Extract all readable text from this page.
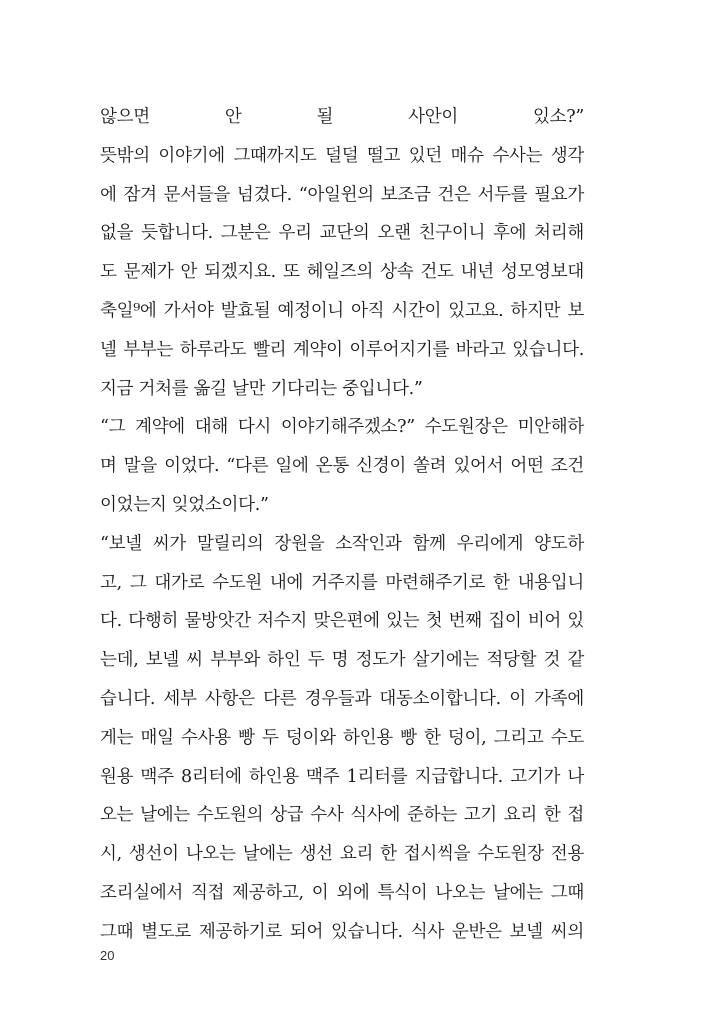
않으면 안 될 사안이 있소?”
뜻밖의 이야기에 그때까지도 덜덜 떨고 있던 매슈 수사는 생각
에 잠겨 문서들을 넘겼다. “아일윈의 보조금 건은 서두를 필요가
없을 듯합니다. 그분은 우리 교단의 오랜 친구이니 후에 처리해
도 문제가 안 되겠지요. 또 헤일즈의 상속 건도 내년 성모영보대
축일⁹에 가서야 발효될 예정이니 아직 시간이 있고요. 하지만 보
넬 부부는 하루라도 빨리 계약이 이루어지기를 바라고 있습니다.
지금 거처를 옮길 날만 기다리는 중입니다.”
“그 계약에 대해 다시 이야기해주겠소?” 수도원장은 미안해하
며 말을 이었다. “다른 일에 온통 신경이 쏠려 있어서 어떤 조건
이었는지 잊었소이다.”
“보넬 씨가 말릴리의 장원을 소작인과 함께 우리에게 양도하
고, 그 대가로 수도원 내에 거주지를 마련해주기로 한 내용입니
다. 다행히 물방앗간 저수지 맞은편에 있는 첫 번째 집이 비어 있
는데, 보넬 씨 부부와 하인 두 명 정도가 살기에는 적당할 것 같
습니다. 세부 사항은 다른 경우들과 대동소이합니다. 이 가족에
게는 매일 수사용 빵 두 덩이와 하인용 빵 한 덩이, 그리고 수도
원용 맥주 8리터에 하인용 맥주 1리터를 지급합니다. 고기가 나
오는 날에는 수도원의 상급 수사 식사에 준하는 고기 요리 한 접
시, 생선이 나오는 날에는 생선 요리 한 접시씩을 수도원장 전용
조리실에서 직접 제공하고, 이 외에 특식이 나오는 날에는 그때
그때 별도로 제공하기로 되어 있습니다. 식사 운반은 보넬 씨의
20
